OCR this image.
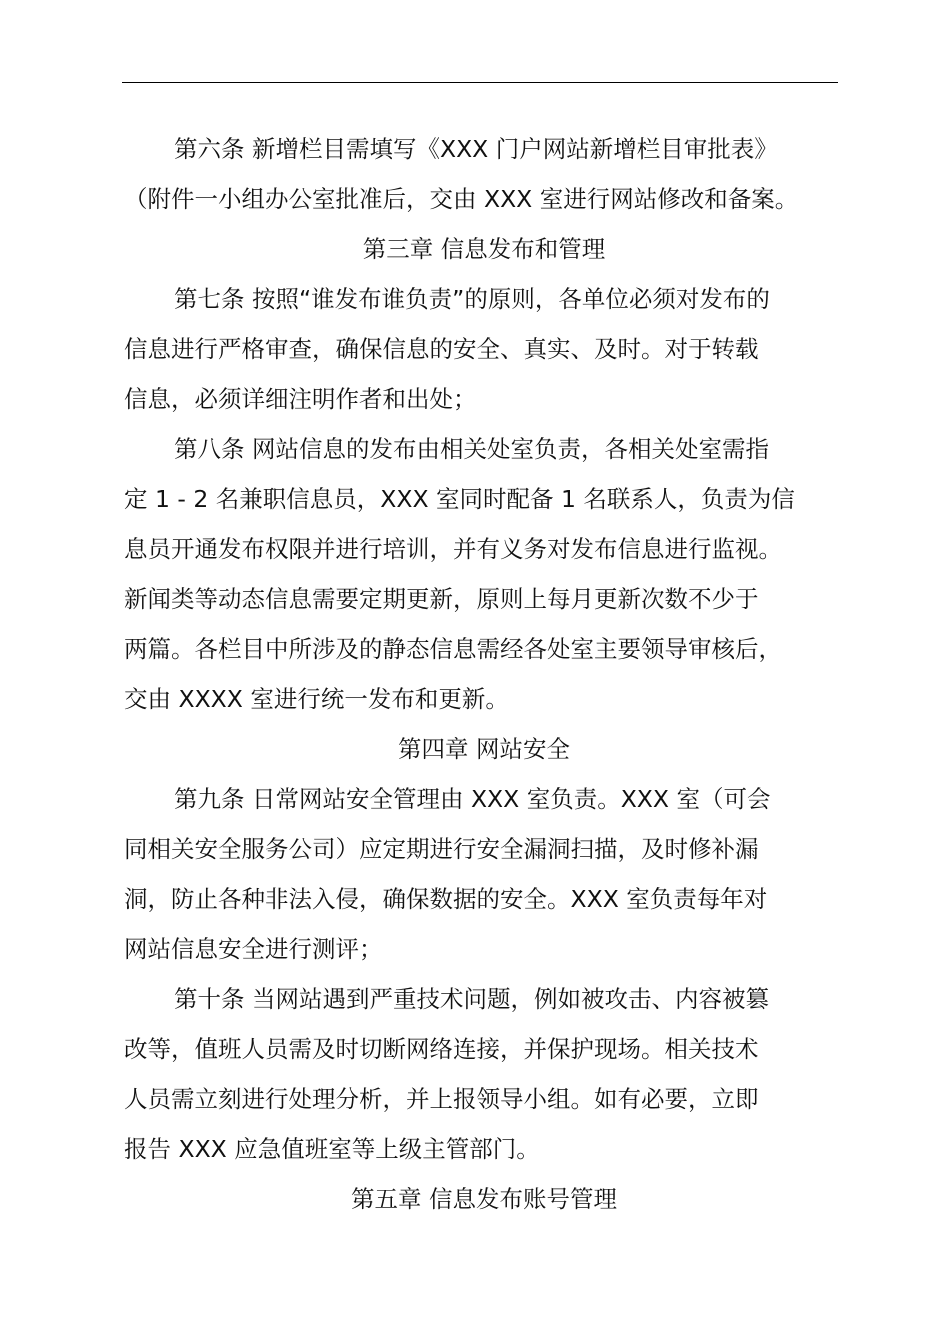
第六条 新增栏目需填写《XXX 门户网站新增栏目审批表》
（附件一小组办公室批准后，交由 XXX 室进行网站修改和备案。
第三章 信息发布和管理
第七条 按照“谁发布谁负责”的原则，各单位必须对发布的
信息进行严格审查，确保信息的安全、真实、及时。对于转载
信息，必须详细注明作者和出处；
第八条 网站信息的发布由相关处室负责，各相关处室需指
定 1 - 2 名兼职信息员，XXX 室同时配备 1 名联系人，负责为信
息员开通发布权限并进行培训，并有义务对发布信息进行监视。
新闻类等动态信息需要定期更新，原则上每月更新次数不少于
两篇。各栏目中所涉及的静态信息需经各处室主要领导审核后，
交由 XXXX 室进行统一发布和更新。
第四章 网站安全
第九条 日常网站安全管理由 XXX 室负责。XXX 室（可会
同相关安全服务公司）应定期进行安全漏洞扫描，及时修补漏
洞，防止各种非法入侵，确保数据的安全。XXX 室负责每年对
网站信息安全进行测评；
第十条 当网站遇到严重技术问题，例如被攻击、内容被篡
改等，值班人员需及时切断网络连接，并保护现场。相关技术
人员需立刻进行处理分析，并上报领导小组。如有必要，立即
报告 XXX 应急值班室等上级主管部门。
第五章 信息发布账号管理
